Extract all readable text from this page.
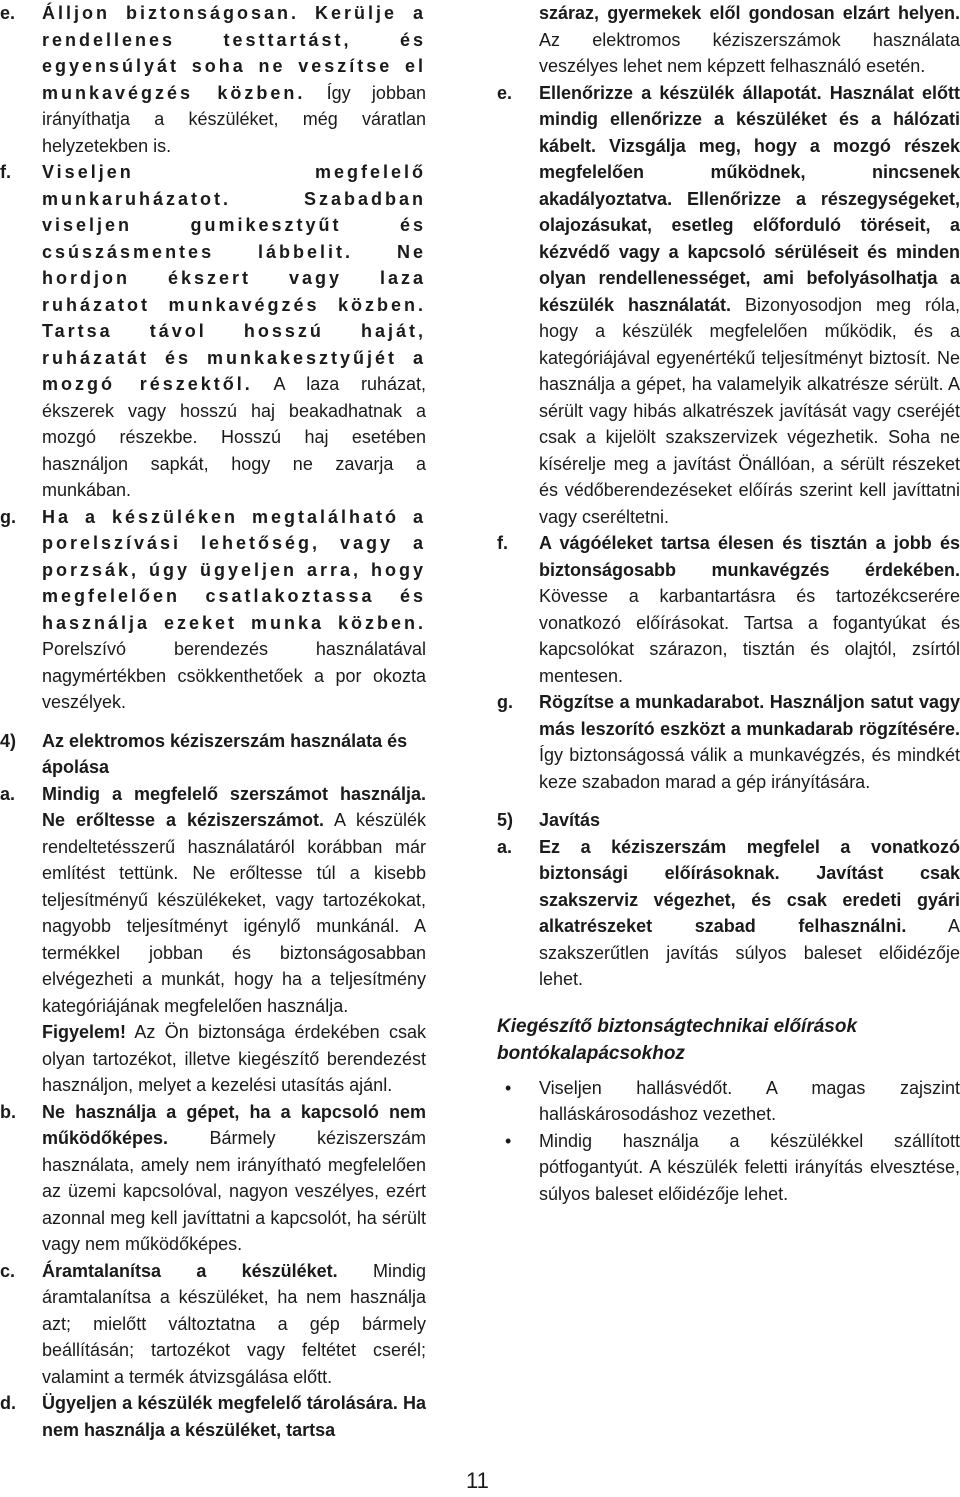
e. Álljon biztonságosan. Kerülje a rendellenes testtartást, és egyensúlyát soha ne veszítse el munkavégzés közben. Így jobban irányíthatja a készüléket, még váratlan helyzetekben is.
f. Viseljen megfelelő munkaruházatot. Szabadban viseljen gumikesztyűt és csúszásmentes lábbelit. Ne hordjon ékszert vagy laza ruházatot munkavégzés közben. Tartsa távol hosszú haját, ruházatát és munkakesztyűjét a mozgó részektől. A laza ruházat, ékszerek vagy hosszú haj beakadhatnak a mozgó részekbe. Hosszú haj esetében használjon sapkát, hogy ne zavarja a munkában.
g. Ha a készüléken megtalálható a porelszívási lehetőség, vagy a porzsák, úgy ügyeljen arra, hogy megfelelően csatlakoztassa és használja ezeket munka közben. Porelszívó berendezés használatával nagymértékben csökkenthetőek a por okozta veszélyek.
4) Az elektromos kéziszerszám használata és ápolása
a. Mindig a megfelelő szerszámot használja. Ne erőltesse a kéziszerszámot. A készülék rendeltetésszerű használatáról korábban már említést tettünk. Ne erőltesse túl a kisebb teljesítményű készülékeket, vagy tartozékokat, nagyobb teljesítményt igénylő munkánál. A termékkel jobban és biztonságosabban elvégezheti a munkát, hogy ha a teljesítmény kategóriájának megfelelően használja.
Figyelem! Az Ön biztonsága érdekében csak olyan tartozékot, illetve kiegészítő berendezést használjon, melyet a kezelési utasítás ajánl.
b. Ne használja a gépet, ha a kapcsoló nem működőképes. Bármely kéziszerszám használata, amely nem irányítható megfelelően az üzemi kapcsolóval, nagyon veszélyes, ezért azonnal meg kell javíttatni a kapcsolót, ha sérült vagy nem működőképes.
c. Áramtalanítsa a készüléket. Mindig áramtalanítsa a készüléket, ha nem használja azt; mielőtt változtatna a gép bármely beállításán; tartozékot vagy feltétet cserél; valamint a termék átvizsgálása előtt.
d. Ügyeljen a készülék megfelelő tárolására. Ha nem használja a készüléket, tartsa
száraz, gyermekek elől gondosan elzárt helyen. Az elektromos kéziszerszámok használata veszélyes lehet nem képzett felhasználó esetén.
e. Ellenőrizze a készülék állapotát. Használat előtt mindig ellenőrizze a készüléket és a hálózati kábelt. Vizsgálja meg, hogy a mozgó részek megfelelően működnek, nincsenek akadályoztatva. Ellenőrizze a részegységeket, olajozásukat, esetleg előforduló töréseit, a kézvédő vagy a kapcsoló sérüléseit és minden olyan rendellenességet, ami befolyásolhatja a készülék használatát. Bizonyosodjon meg róla, hogy a készülék megfelelően működik, és a kategóriájával egyenértékű teljesítményt biztosít. Ne használja a gépet, ha valamelyik alkatrésze sérült. A sérült vagy hibás alkatrészek javítását vagy cseréjét csak a kijelölt szakszervizek végezhetik. Soha ne kísérelje meg a javítást Önállóan, a sérült részeket és védőberendezéseket előírás szerint kell javíttatni vagy cseréltetni.
f. A vágóéleket tartsa élesen és tisztán a jobb és biztonságosabb munkavégzés érdekében. Kövesse a karbantartásra és tartozékcserére vonatkozó előírásokat. Tartsa a fogantyúkat és kapcsolókat szárazon, tisztán és olajtól, zsírtól mentesen.
g. Rögzítse a munkadarabot. Használjon satut vagy más leszorító eszközt a munkadarab rögzítésére. Így biztonságossá válik a munkavégzés, és mindkét keze szabadon marad a gép irányítására.
5) Javítás
a. Ez a kéziszerszám megfelel a vonatkozó biztonsági előírásoknak. Javítást csak szakszerviz végezhet, és csak eredeti gyári alkatrészeket szabad felhasználni. A szakszerűtlen javítás súlyos baleset előidézője lehet.
Kiegészítő biztonságtechnikai előírások bontókalapácsokhoz
• Viseljen hallásvédőt. A magas zajszint halláskárosodáshoz vezethet.
• Mindig használja a készülékkel szállított pótfogantyút. A készülék feletti irányítás elvesztése, súlyos baleset előidézője lehet.
11
